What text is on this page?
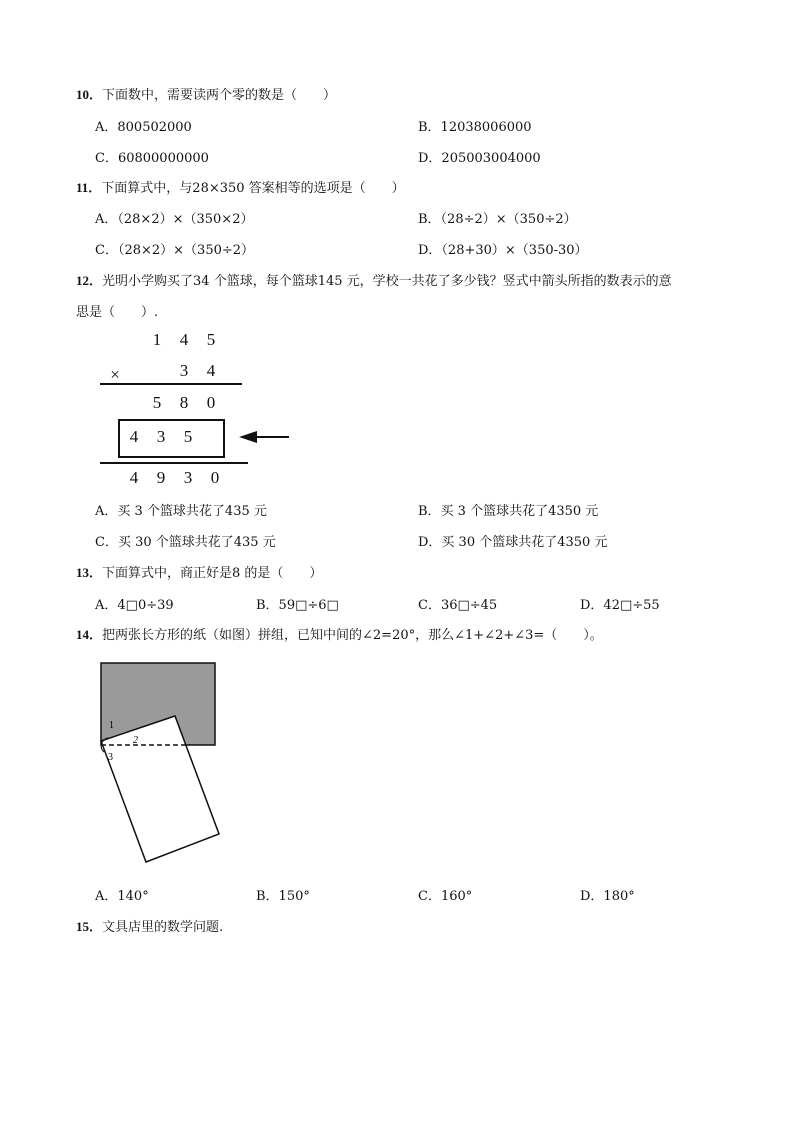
10．下面数中，需要读两个零的数是（　　）
A．800502000	B．12038006000
C．60800000000	D．205003004000
11．下面算式中，与28×350 答案相等的选项是（　　）
A．（28×2）×（350×2）	B．（28÷2）×（350÷2）
C．（28×2）×（350÷2）	D．（28+30）×（350-30）
12．光明小学购买了34 个篮球，每个篮球145 元，学校一共花了多少钱？竖式中箭头所指的数表示的意
思是（　　）.
1	4	5
×	3	4
5	8	0
4	3	5
4	9	3	0
A．买 3 个篮球共花了435 元	B．买 3 个篮球共花了4350 元
C．买 30 个篮球共花了435 元	D．买 30 个篮球共花了4350 元
13．下面算式中，商正好是8 的是（　　）
A．4□0÷39	B．59□÷6□	C．36□÷45	D．42□÷55
14．把两张长方形的纸（如图）拼组，已知中间的∠2=20°，那么∠1+∠2+∠3=（　　）。
1
2
3
A．140°	B．150°	C．160°	D．180°
15．文具店里的数学问题.
